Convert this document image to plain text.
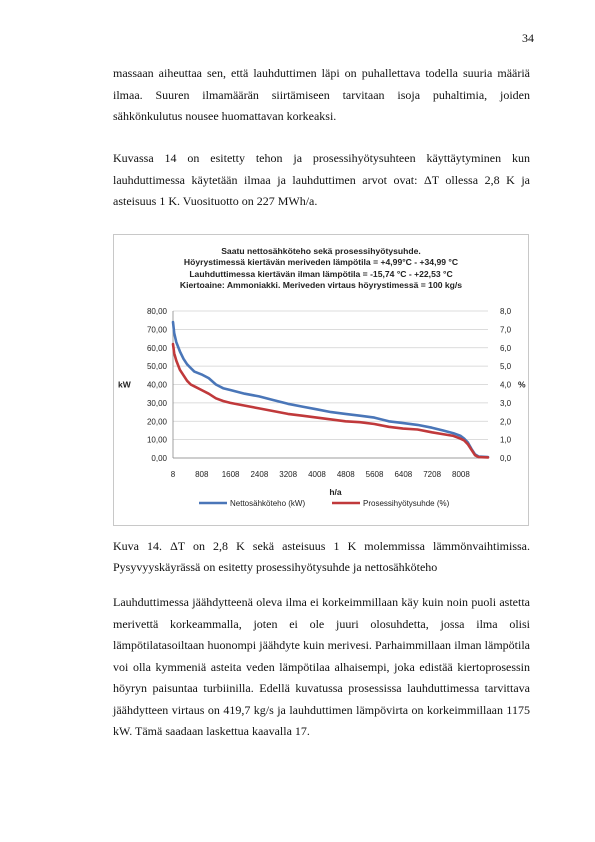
34

massaan aiheuttaa sen, että lauhduttimen läpi on puhallettava todella suuria määriä ilmaa. Suuren ilmamäärän siirtämiseen tarvitaan isoja puhaltimia, joiden sähkönkulutus nousee huomattavan korkeaksi.

Kuvassa 14 on esitetty tehon ja prosessihyötysuhteen käyttäytyminen kun lauhduttimessa käytetään ilmaa ja lauhduttimen arvot ovat: ΔT ollessa 2,8 K ja asteisuus 1 K. Vuosituotto on 227 MWh/a.

Saatu nettosähköteho sekä prosessihyötysuhde.
Höyrystimessä kiertävän meriveden lämpötila = +4,99°C - +34,99 °C
Lauhduttimessa kiertävän ilman lämpötila = -15,74 °C - +22,53 °C
Kiertoaine: Ammoniakki. Meriveden virtaus höyrystimessä = 100 kg/s
0,00	0,0
10,00	1,0
20,00	2,0
30,00	3,0
40,00	4,0
50,00	5,0
60,00	6,0
70,00	7,0
80,00	8,0
8 808 1608 2408 3208 4008 4808 5608 6408 7208 8008
h/a
kW	%
Nettosähköteho (kW)	Prosessihyötysuhde (%)

Kuva 14. ΔT on 2,8 K sekä asteisuus 1 K molemmissa lämmönvaihtimissa. Pysyvyyskäyrässä on esitetty prosessihyötysuhde ja nettosähköteho

Lauhduttimessa jäähdytteenä oleva ilma ei korkeimmillaan käy kuin noin puoli astetta merivettä korkeammalla, joten ei ole juuri olosuhdetta, jossa ilma olisi lämpötilatasoiltaan huonompi jäähdyte kuin merivesi. Parhaimmillaan ilman lämpötila voi olla kymmeniä asteita veden lämpötilaa alhaisempi, joka edistää kiertoprosessin höyryn paisuntaa turbiinilla. Edellä kuvatussa prosessissa lauhduttimessa tarvittava jäähdytteen virtaus on 419,7 kg/s ja lauhduttimen lämpövirta on korkeimmillaan 1175 kW. Tämä saadaan laskettua kaavalla 17.
